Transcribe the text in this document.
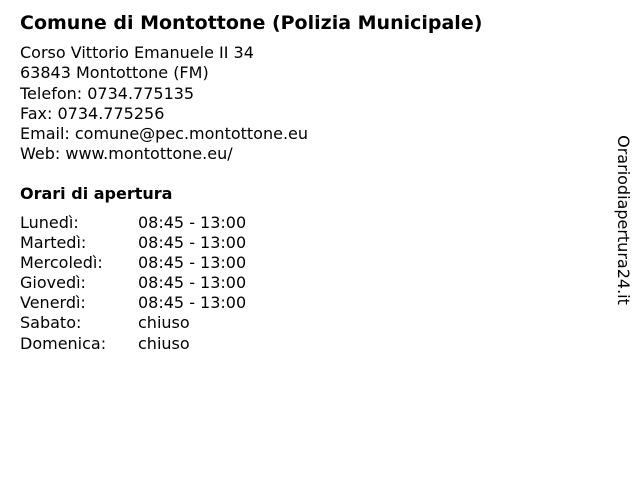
Comune di Montottone (Polizia Municipale)
Corso Vittorio Emanuele II 34
63843 Montottone (FM)
Telefon: 0734.775135
Fax: 0734.775256
Email: comune@pec.montottone.eu
Web: www.montottone.eu/
Orari di apertura
Lunedì:	08:45 - 13:00
Martedì:	08:45 - 13:00
Mercoledì: 08:45 - 13:00
Giovedì:	08:45 - 13:00
Venerdì:	08:45 - 13:00
Sabato:	chiuso
Domenica: chiuso
Orariodiapertura24.it
